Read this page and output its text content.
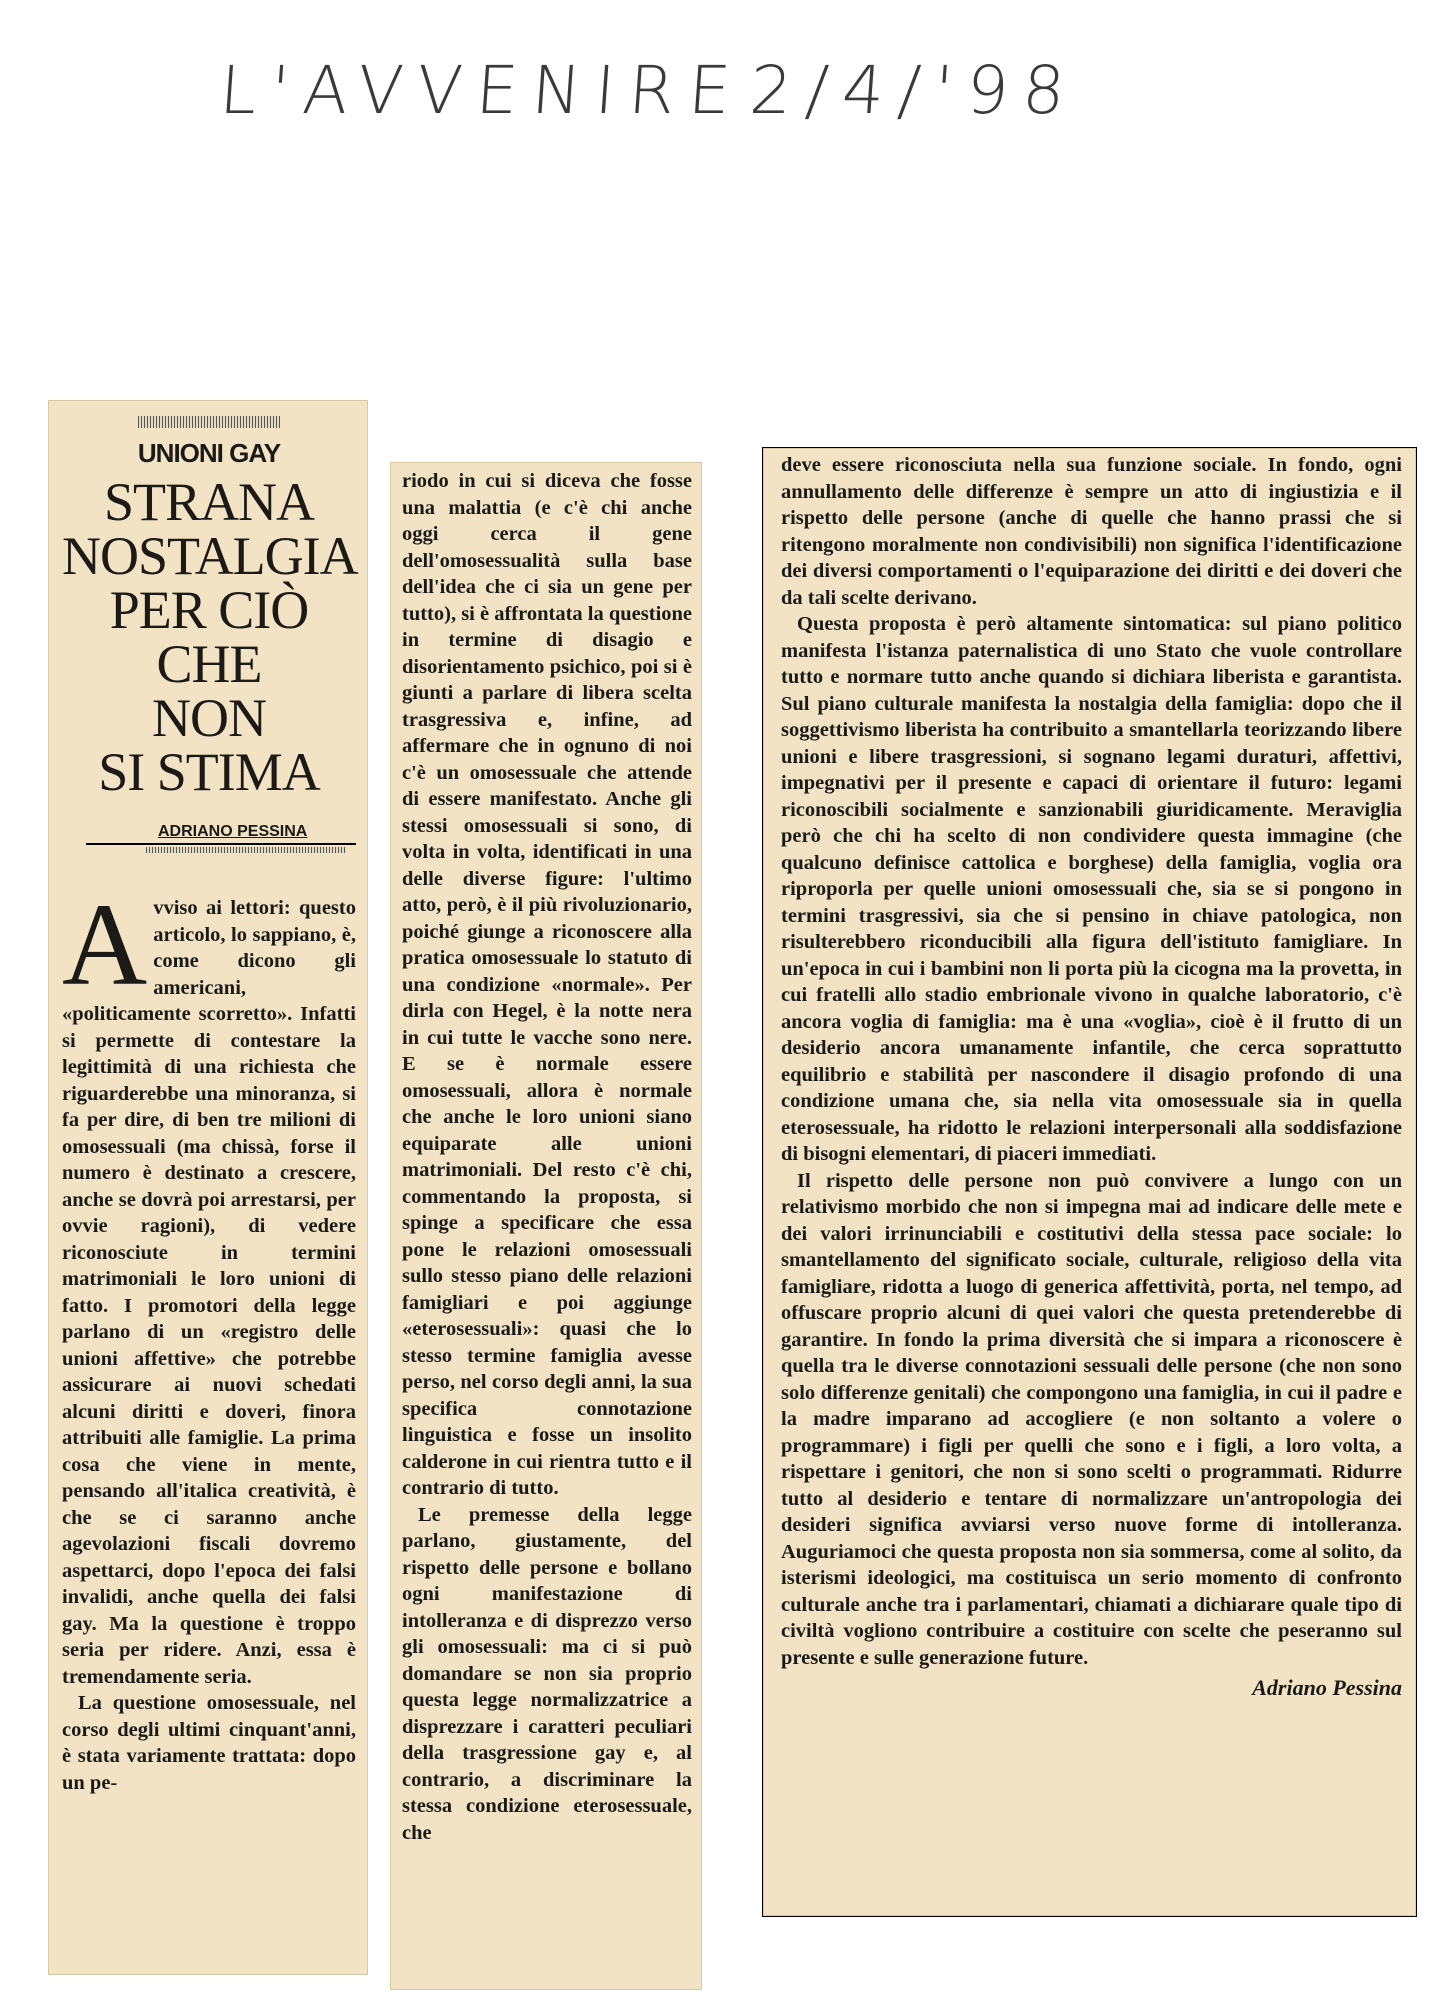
L'AVVENIRE 2/4/'98
UNIONI GAY
STRANA
NOSTALGIA
PER CIÒ
CHE
NON
SI STIMA
ADRIANO PESSINA

Avviso ai lettori: questo articolo, lo sappiano, è, come dicono gli americani, «politicamente scorretto». Infatti si permette di contestare la legittimità di una richiesta che riguarderebbe una minoranza, si fa per dire, di ben tre milioni di omosessuali (ma chissà, forse il numero è destinato a crescere, anche se dovrà poi arrestarsi, per ovvie ragioni), di vedere riconosciute in termini matrimoniali le loro unioni di fatto. I promotori della legge parlano di un «registro delle unioni affettive» che potrebbe assicurare ai nuovi schedati alcuni diritti e doveri, finora attribuiti alle famiglie. La prima cosa che viene in mente, pensando all'italica creatività, è che se ci saranno anche agevolazioni fiscali dovremo aspettarci, dopo l'epoca dei falsi invalidi, anche quella dei falsi gay. Ma la questione è troppo seria per ridere. Anzi, essa è tremendamente seria.

La questione omosessuale, nel corso degli ultimi cinquant'anni, è stata variamente trattata: dopo un pe-

riodo in cui si diceva che fosse una malattia (e c'è chi anche oggi cerca il gene dell'omosessualità sulla base dell'idea che ci sia un gene per tutto), si è affrontata la questione in termine di disagio e disorientamento psichico, poi si è giunti a parlare di libera scelta trasgressiva e, infine, ad affermare che in ognuno di noi c'è un omosessuale che attende di essere manifestato. Anche gli stessi omosessuali si sono, di volta in volta, identificati in una delle diverse figure: l'ultimo atto, però, è il più rivoluzionario, poiché giunge a riconoscere alla pratica omosessuale lo statuto di una condizione «normale». Per dirla con Hegel, è la notte nera in cui tutte le vacche sono nere. E se è normale essere omosessuali, allora è normale che anche le loro unioni siano equiparate alle unioni matrimoniali. Del resto c'è chi, commentando la proposta, si spinge a specificare che essa pone le relazioni omosessuali sullo stesso piano delle relazioni famigliari e poi aggiunge «eterosessuali»: quasi che lo stesso termine famiglia avesse perso, nel corso degli anni, la sua specifica connotazione linguistica e fosse un insolito calderone in cui rientra tutto e il contrario di tutto.

Le premesse della legge parlano, giustamente, del rispetto delle persone e bollano ogni manifestazione di intolleranza e di disprezzo verso gli omosessuali: ma ci si può domandare se non sia proprio questa legge normalizzatrice a disprezzare i caratteri peculiari della trasgressione gay e, al contrario, a discriminare la stessa condizione eterosessuale, che

deve essere riconosciuta nella sua funzione sociale. In fondo, ogni annullamento delle differenze è sempre un atto di ingiustizia e il rispetto delle persone (anche di quelle che hanno prassi che si ritengono moralmente non condivisibili) non significa l'identificazione dei diversi comportamenti o l'equiparazione dei diritti e dei doveri che da tali scelte derivano.

Questa proposta è però altamente sintomatica: sul piano politico manifesta l'istanza paternalistica di uno Stato che vuole controllare tutto e normare tutto anche quando si dichiara liberista e garantista. Sul piano culturale manifesta la nostalgia della famiglia: dopo che il soggettivismo liberista ha contribuito a smantellarla teorizzando libere unioni e libere trasgressioni, si sognano legami duraturi, affettivi, impegnativi per il presente e capaci di orientare il futuro: legami riconoscibili socialmente e sanzionabili giuridicamente. Meraviglia però che chi ha scelto di non condividere questa immagine (che qualcuno definisce cattolica e borghese) della famiglia, voglia ora riproporla per quelle unioni omosessuali che, sia se si pongono in termini trasgressivi, sia che si pensino in chiave patologica, non risulterebbero riconducibili alla figura dell'istituto famigliare. In un'epoca in cui i bambini non li porta più la cicogna ma la provetta, in cui fratelli allo stadio embrionale vivono in qualche laboratorio, c'è ancora voglia di famiglia: ma è una «voglia», cioè è il frutto di un desiderio ancora umanamente infantile, che cerca soprattutto equilibrio e stabilità per nascondere il disagio profondo di una condizione umana che, sia nella vita omosessuale sia in quella eterosessuale, ha ridotto le relazioni interpersonali alla soddisfazione di bisogni elementari, di piaceri immediati.

Il rispetto delle persone non può convivere a lungo con un relativismo morbido che non si impegna mai ad indicare delle mete e dei valori irrinunciabili e costitutivi della stessa pace sociale: lo smantellamento del significato sociale, culturale, religioso della vita famigliare, ridotta a luogo di generica affettività, porta, nel tempo, ad offuscare proprio alcuni di quei valori che questa pretenderebbe di garantire. In fondo la prima diversità che si impara a riconoscere è quella tra le diverse connotazioni sessuali delle persone (che non sono solo differenze genitali) che compongono una famiglia, in cui il padre e la madre imparano ad accogliere (e non soltanto a volere o programmare) i figli per quelli che sono e i figli, a loro volta, a rispettare i genitori, che non si sono scelti o programmati. Ridurre tutto al desiderio e tentare di normalizzare un'antropologia dei desideri significa avviarsi verso nuove forme di intolleranza. Auguriamoci che questa proposta non sia sommersa, come al solito, da isterismi ideologici, ma costituisca un serio momento di confronto culturale anche tra i parlamentari, chiamati a dichiarare quale tipo di civiltà vogliono contribuire a costituire con scelte che peseranno sul presente e sulle generazione future.

Adriano Pessina
